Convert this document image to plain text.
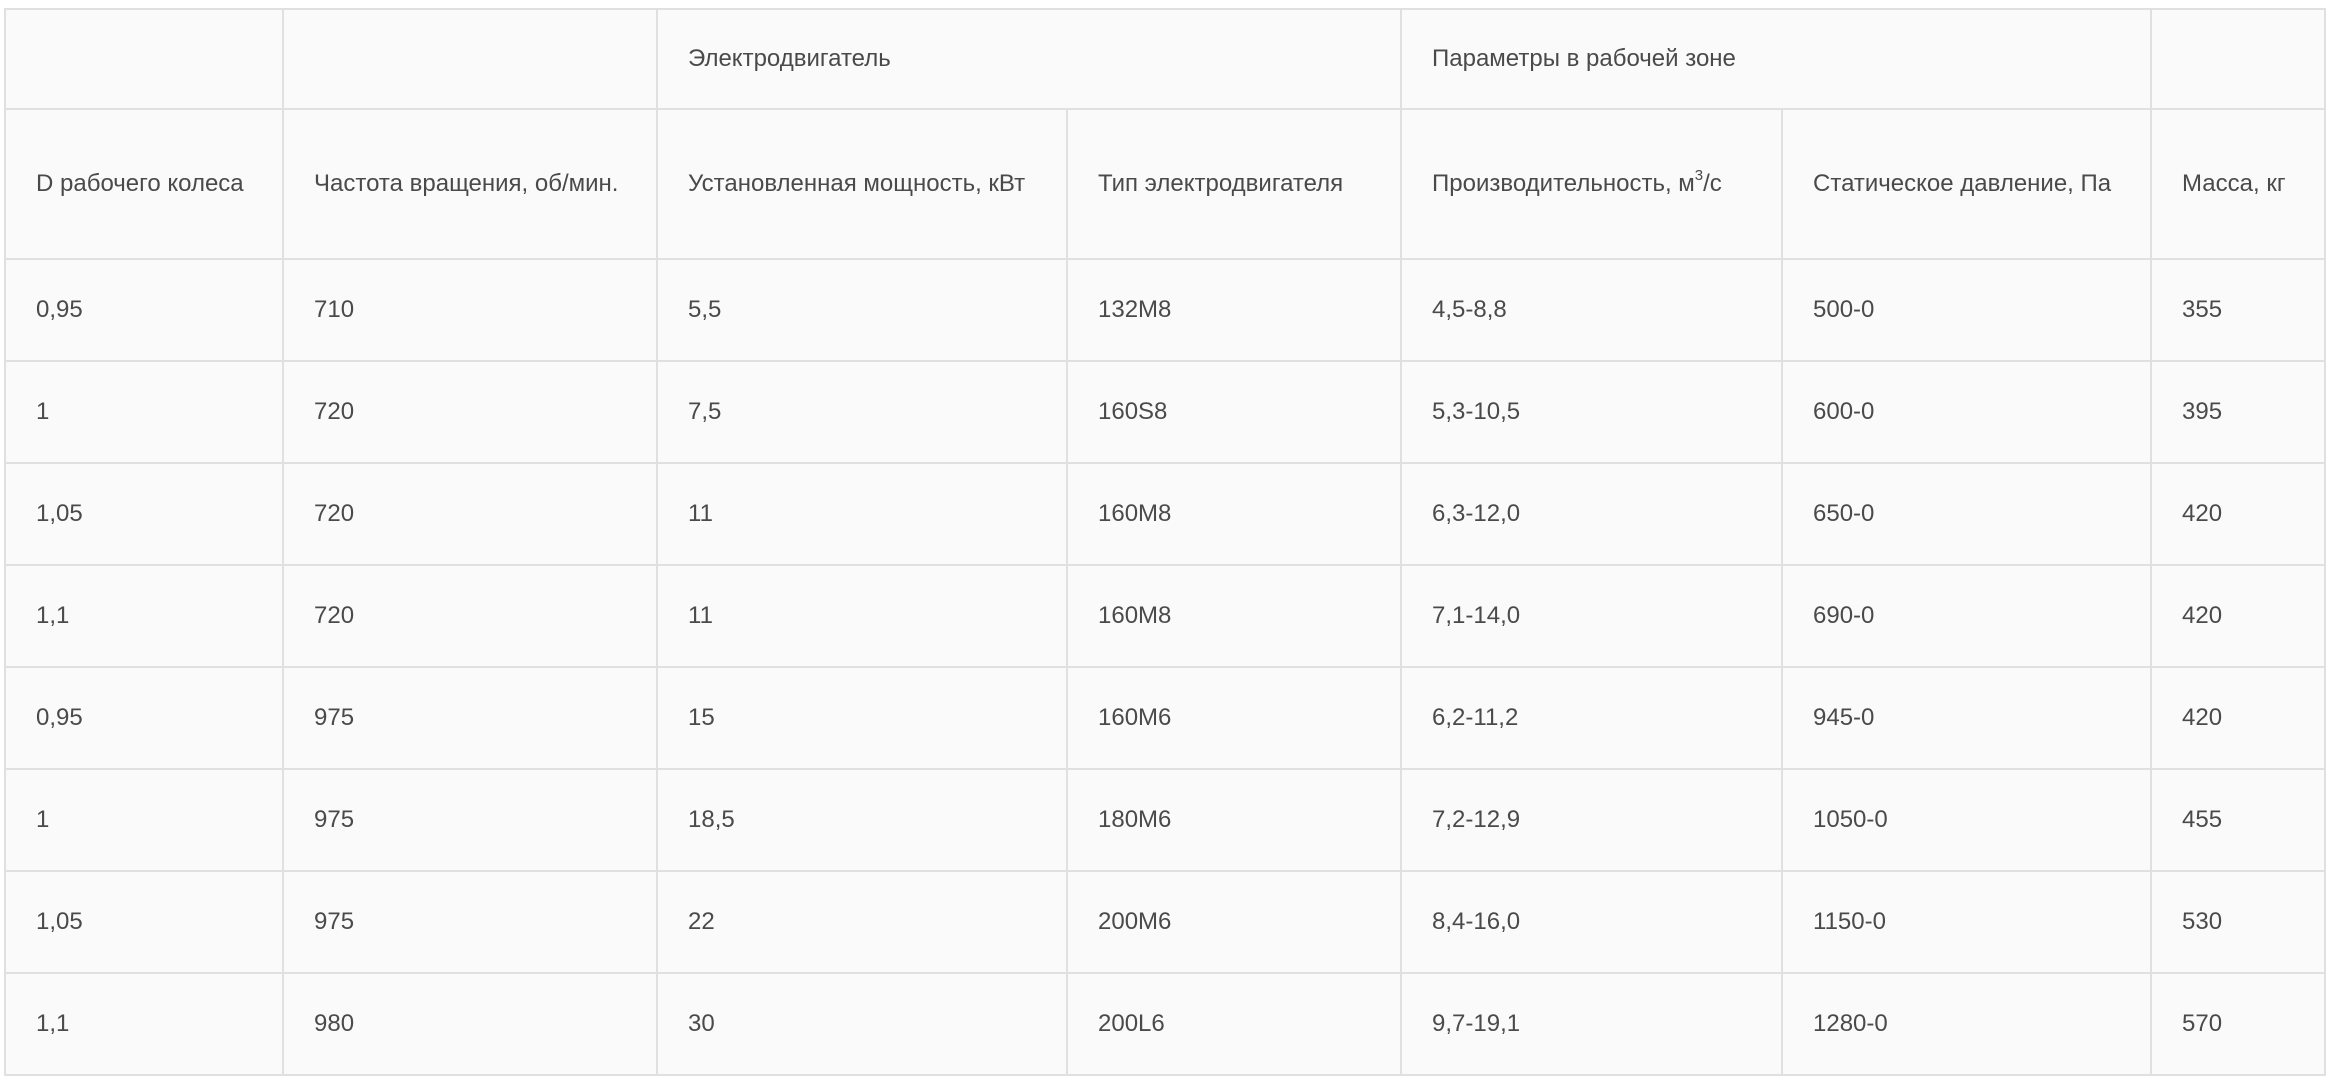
		Электродвигатель		Параметры в рабочей зоне		
D рабочего колеса	Частота вращения, об/мин.	Установленная мощность, кВт	Тип электродвигателя	Производительность, $м^3/с$	Статическое давление, Па	Масса, кг
0,95	710	5,5	132М8	4,5-8,8	500-0	355
1	720	7,5	160S8	5,3-10,5	600-0	395
1,05	720	11	160М8	6,3-12,0	650-0	420
1,1	720	11	160М8	7,1-14,0	690-0	420
0,95	975	15	160М6	6,2-11,2	945-0	420
1	975	18,5	180М6	7,2-12,9	1050-0	455
1,05	975	22	200М6	8,4-16,0	1150-0	530
1,1	980	30	200L6	9,7-19,1	1280-0	570
